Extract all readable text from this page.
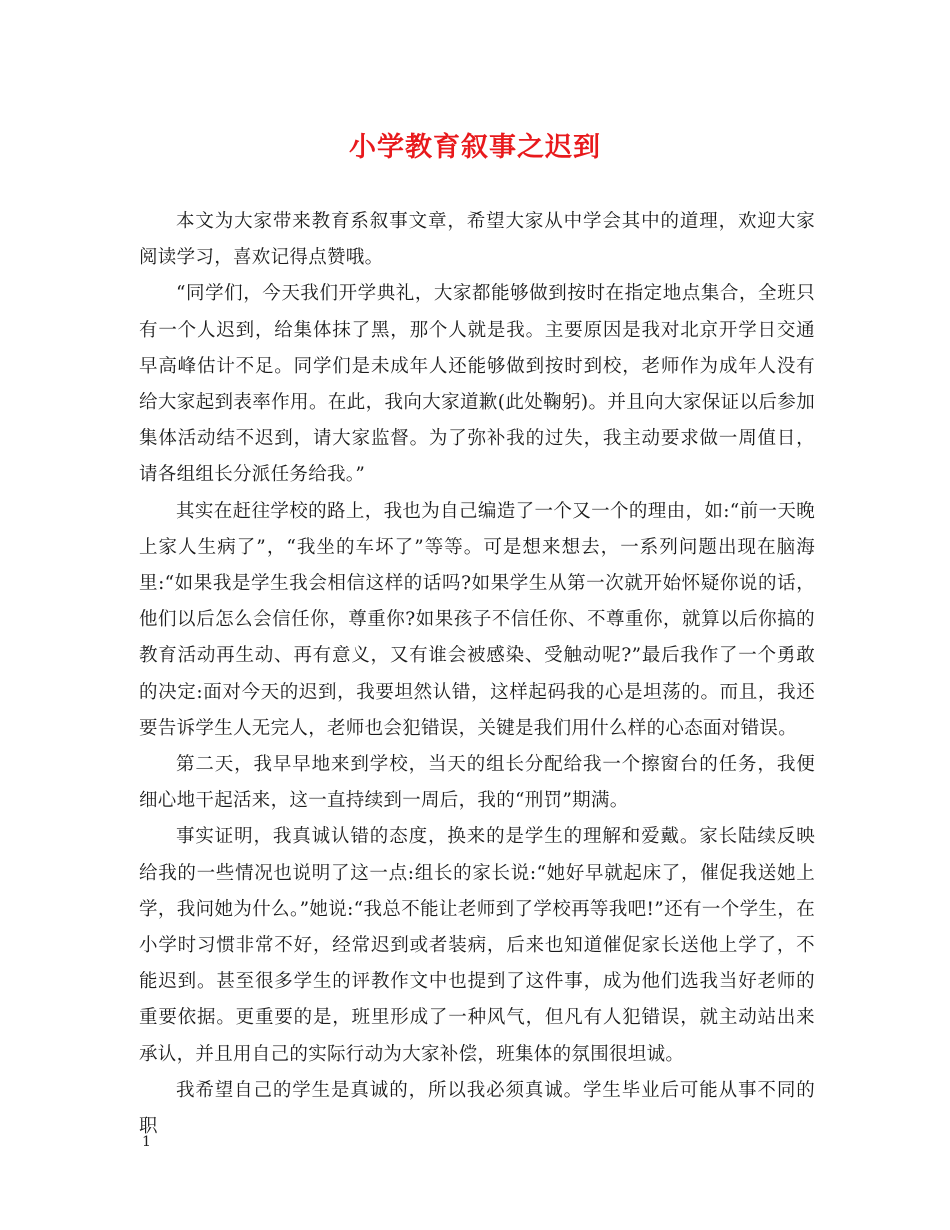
小学教育叙事之迟到

本文为大家带来教育系叙事文章，希望大家从中学会其中的道理，欢迎大家阅读学习，喜欢记得点赞哦。

“同学们，今天我们开学典礼，大家都能够做到按时在指定地点集合，全班只有一个人迟到，给集体抹了黑，那个人就是我。主要原因是我对北京开学日交通早高峰估计不足。同学们是未成年人还能够做到按时到校，老师作为成年人没有给大家起到表率作用。在此，我向大家道歉(此处鞠躬)。并且向大家保证以后参加集体活动结不迟到，请大家监督。为了弥补我的过失，我主动要求做一周值日，请各组组长分派任务给我。”

其实在赶往学校的路上，我也为自己编造了一个又一个的理由，如:“前一天晚上家人生病了”，“我坐的车坏了”等等。可是想来想去，一系列问题出现在脑海里:“如果我是学生我会相信这样的话吗?如果学生从第一次就开始怀疑你说的话，他们以后怎么会信任你，尊重你?如果孩子不信任你、不尊重你，就算以后你搞的教育活动再生动、再有意义，又有谁会被感染、受触动呢?”最后我作了一个勇敢的决定:面对今天的迟到，我要坦然认错，这样起码我的心是坦荡的。而且，我还要告诉学生人无完人，老师也会犯错误，关键是我们用什么样的心态面对错误。

第二天，我早早地来到学校，当天的组长分配给我一个擦窗台的任务，我便细心地干起活来，这一直持续到一周后，我的“刑罚”期满。

事实证明，我真诚认错的态度，换来的是学生的理解和爱戴。家长陆续反映给我的一些情况也说明了这一点:组长的家长说:“她好早就起床了，催促我送她上学，我问她为什么。”她说:“我总不能让老师到了学校再等我吧!”还有一个学生，在小学时习惯非常不好，经常迟到或者装病，后来也知道催促家长送他上学了，不能迟到。甚至很多学生的评教作文中也提到了这件事，成为他们选我当好老师的重要依据。更重要的是，班里形成了一种风气，但凡有人犯错误，就主动站出来承认，并且用自己的实际行动为大家补偿，班集体的氛围很坦诚。

我希望自己的学生是真诚的，所以我必须真诚。学生毕业后可能从事不同的职

1
